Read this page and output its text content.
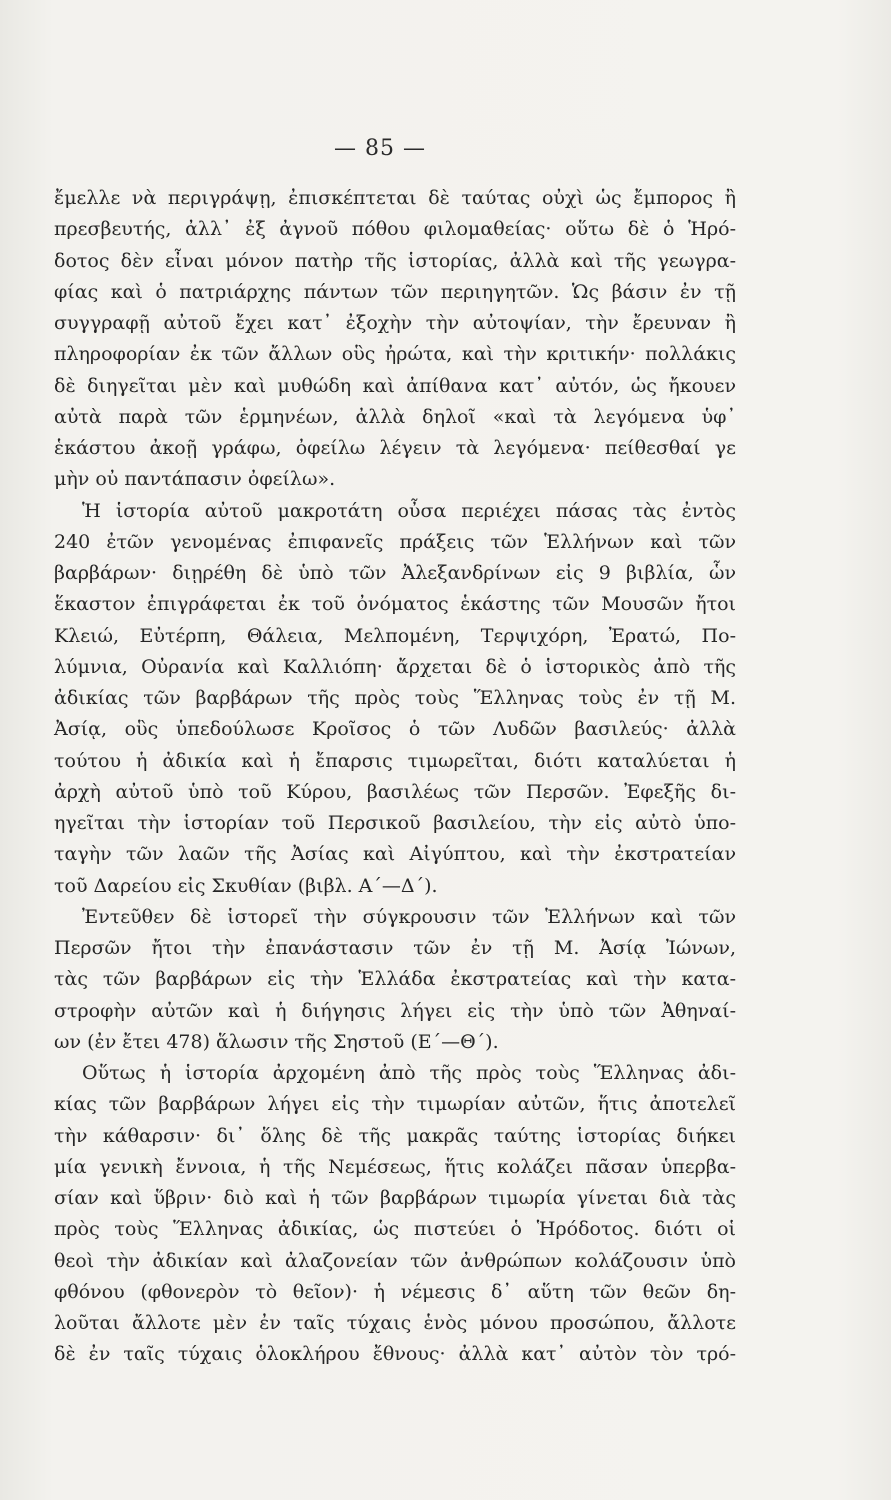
— 85 —

ἔμελλε νὰ περιγράψῃ, ἐπισκέπτεται δὲ ταύτας οὐχὶ ὡς ἔμπορος ἢ
πρεσβευτής, ἀλλ᾽ ἐξ ἀγνοῦ πόθου φιλομαθείας· οὕτω δὲ ὁ Ἡρό-
δοτος δὲν εἶναι μόνον πατὴρ τῆς ἱστορίας, ἀλλὰ καὶ τῆς γεωγρα-
φίας καὶ ὁ πατριάρχης πάντων τῶν περιηγητῶν. Ὡς βάσιν ἐν τῇ
συγγραφῇ αὐτοῦ ἔχει κατ᾽ ἐξοχὴν τὴν αὐτοψίαν, τὴν ἔρευναν ἢ
πληροφορίαν ἐκ τῶν ἄλλων οὓς ἠρώτα, καὶ τὴν κριτικήν· πολλάκις
δὲ διηγεῖται μὲν καὶ μυθώδη καὶ ἀπίθανα κατ᾽ αὐτόν, ὡς ἤκουεν
αὐτὰ παρὰ τῶν ἑρμηνέων, ἀλλὰ δηλοῖ «καὶ τὰ λεγόμενα ὑφ᾽
ἑκάστου ἀκοῇ γράφω, ὀφείλω λέγειν τὰ λεγόμενα· πείθεσθαί γε
μὴν οὐ παντάπασιν ὀφείλω».

Ἡ ἱστορία αὐτοῦ μακροτάτη οὖσα περιέχει πάσας τὰς ἐντὸς
240 ἐτῶν γενομένας ἐπιφανεῖς πράξεις τῶν Ἑλλήνων καὶ τῶν
βαρβάρων· διῃρέθη δὲ ὑπὸ τῶν Ἀλεξανδρίνων εἰς 9 βιβλία, ὧν
ἕκαστον ἐπιγράφεται ἐκ τοῦ ὀνόματος ἑκάστης τῶν Μουσῶν ἤτοι
Κλειώ, Εὐτέρπη, Θάλεια, Μελπομένη, Τερψιχόρη, Ἐρατώ, Πο-
λύμνια, Οὐρανία καὶ Καλλιόπη· ἄρχεται δὲ ὁ ἱστορικὸς ἀπὸ τῆς
ἀδικίας τῶν βαρβάρων τῆς πρὸς τοὺς Ἕλληνας τοὺς ἐν τῇ Μ.
Ἀσίᾳ, οὓς ὑπεδούλωσε Κροῖσος ὁ τῶν Λυδῶν βασιλεύς· ἀλλὰ
τούτου ἡ ἀδικία καὶ ἡ ἔπαρσις τιμωρεῖται, διότι καταλύεται ἡ
ἀρχὴ αὐτοῦ ὑπὸ τοῦ Κύρου, βασιλέως τῶν Περσῶν. Ἐφεξῆς δι-
ηγεῖται τὴν ἱστορίαν τοῦ Περσικοῦ βασιλείου, τὴν εἰς αὐτὸ ὑπο-
ταγὴν τῶν λαῶν τῆς Ἀσίας καὶ Αἰγύπτου, καὶ τὴν ἐκστρατείαν
τοῦ Δαρείου εἰς Σκυθίαν (βιβλ. Α΄—Δ΄).

Ἐντεῦθεν δὲ ἱστορεῖ τὴν σύγκρουσιν τῶν Ἑλλήνων καὶ τῶν
Περσῶν ἤτοι τὴν ἐπανάστασιν τῶν ἐν τῇ Μ. Ἀσίᾳ Ἰώνων,
τὰς τῶν βαρβάρων εἰς τὴν Ἑλλάδα ἐκστρατείας καὶ τὴν κατα-
στροφὴν αὐτῶν καὶ ἡ διήγησις λήγει εἰς τὴν ὑπὸ τῶν Ἀθηναί-
ων (ἐν ἔτει 478) ἅλωσιν τῆς Σηστοῦ (Ε΄—Θ΄).

Οὕτως ἡ ἱστορία ἀρχομένη ἀπὸ τῆς πρὸς τοὺς Ἕλληνας ἀδι-
κίας τῶν βαρβάρων λήγει εἰς τὴν τιμωρίαν αὐτῶν, ἥτις ἀποτελεῖ
τὴν κάθαρσιν· δι᾽ ὅλης δὲ τῆς μακρᾶς ταύτης ἱστορίας διήκει
μία γενικὴ ἔννοια, ἡ τῆς Νεμέσεως, ἥτις κολάζει πᾶσαν ὑπερβα-
σίαν καὶ ὕβριν· διὸ καὶ ἡ τῶν βαρβάρων τιμωρία γίνεται διὰ τὰς
πρὸς τοὺς Ἕλληνας ἀδικίας, ὡς πιστεύει ὁ Ἡρόδοτος. διότι οἱ
θεοὶ τὴν ἀδικίαν καὶ ἀλαζονείαν τῶν ἀνθρώπων κολάζουσιν ὑπὸ
φθόνου (φθονερὸν τὸ θεῖον)· ἡ νέμεσις δ᾽ αὕτη τῶν θεῶν δη-
λοῦται ἄλλοτε μὲν ἐν ταῖς τύχαις ἑνὸς μόνου προσώπου, ἄλλοτε
δὲ ἐν ταῖς τύχαις ὁλοκλήρου ἔθνους· ἀλλὰ κατ᾽ αὐτὸν τὸν τρό-
